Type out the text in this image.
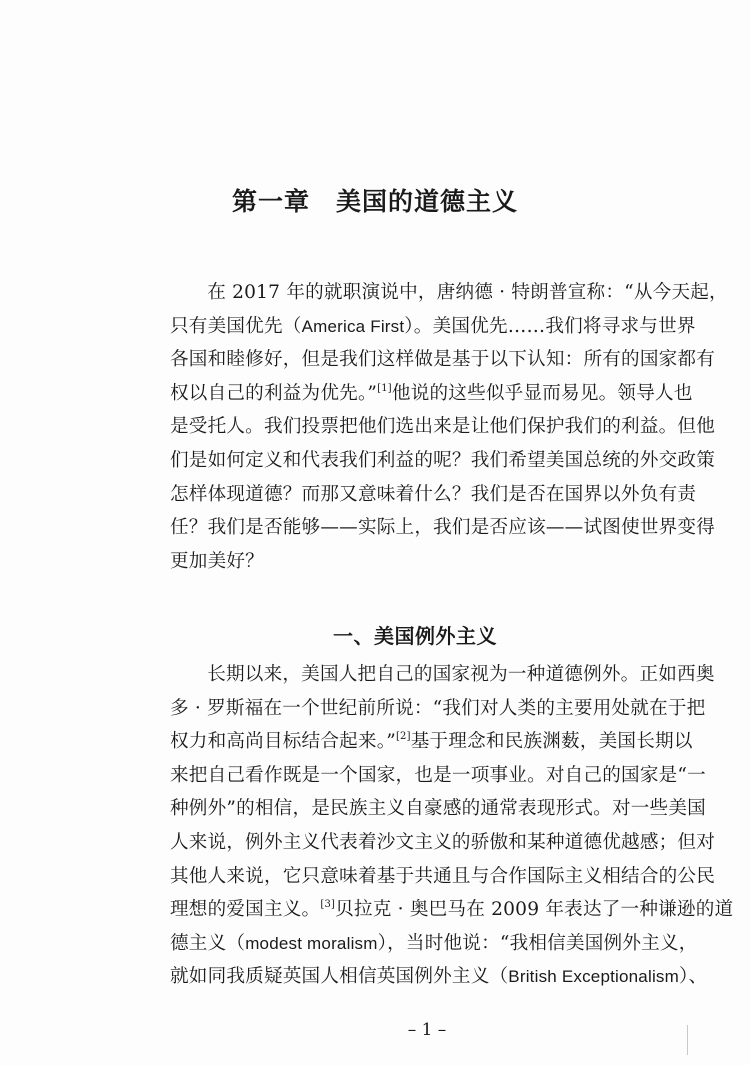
第一章 美国的道德主义

在 2017 年的就职演说中，唐纳德 · 特朗普宣称：“从今天起，
只有美国优先（America First）。美国优先……我们将寻求与世界
各国和睦修好，但是我们这样做是基于以下认知：所有的国家都有
权以自己的利益为优先。”[1]他说的这些似乎显而易见。领导人也
是受托人。我们投票把他们选出来是让他们保护我们的利益。但他
们是如何定义和代表我们利益的呢？我们希望美国总统的外交政策
怎样体现道德？而那又意味着什么？我们是否在国界以外负有责
任？我们是否能够——实际上，我们是否应该——试图使世界变得
更加美好？

一、美国例外主义

长期以来，美国人把自己的国家视为一种道德例外。正如西奥
多 · 罗斯福在一个世纪前所说：“我们对人类的主要用处就在于把
权力和高尚目标结合起来。”[2]基于理念和民族渊薮，美国长期以
来把自己看作既是一个国家，也是一项事业。对自己的国家是“一
种例外”的相信，是民族主义自豪感的通常表现形式。对一些美国
人来说，例外主义代表着沙文主义的骄傲和某种道德优越感；但对
其他人来说，它只意味着基于共通且与合作国际主义相结合的公民
理想的爱国主义。[3]贝拉克 · 奥巴马在 2009 年表达了一种谦逊的道
德主义（modest moralism），当时他说：“我相信美国例外主义，
就如同我质疑英国人相信英国例外主义（British Exceptionalism）、

– 1 –
